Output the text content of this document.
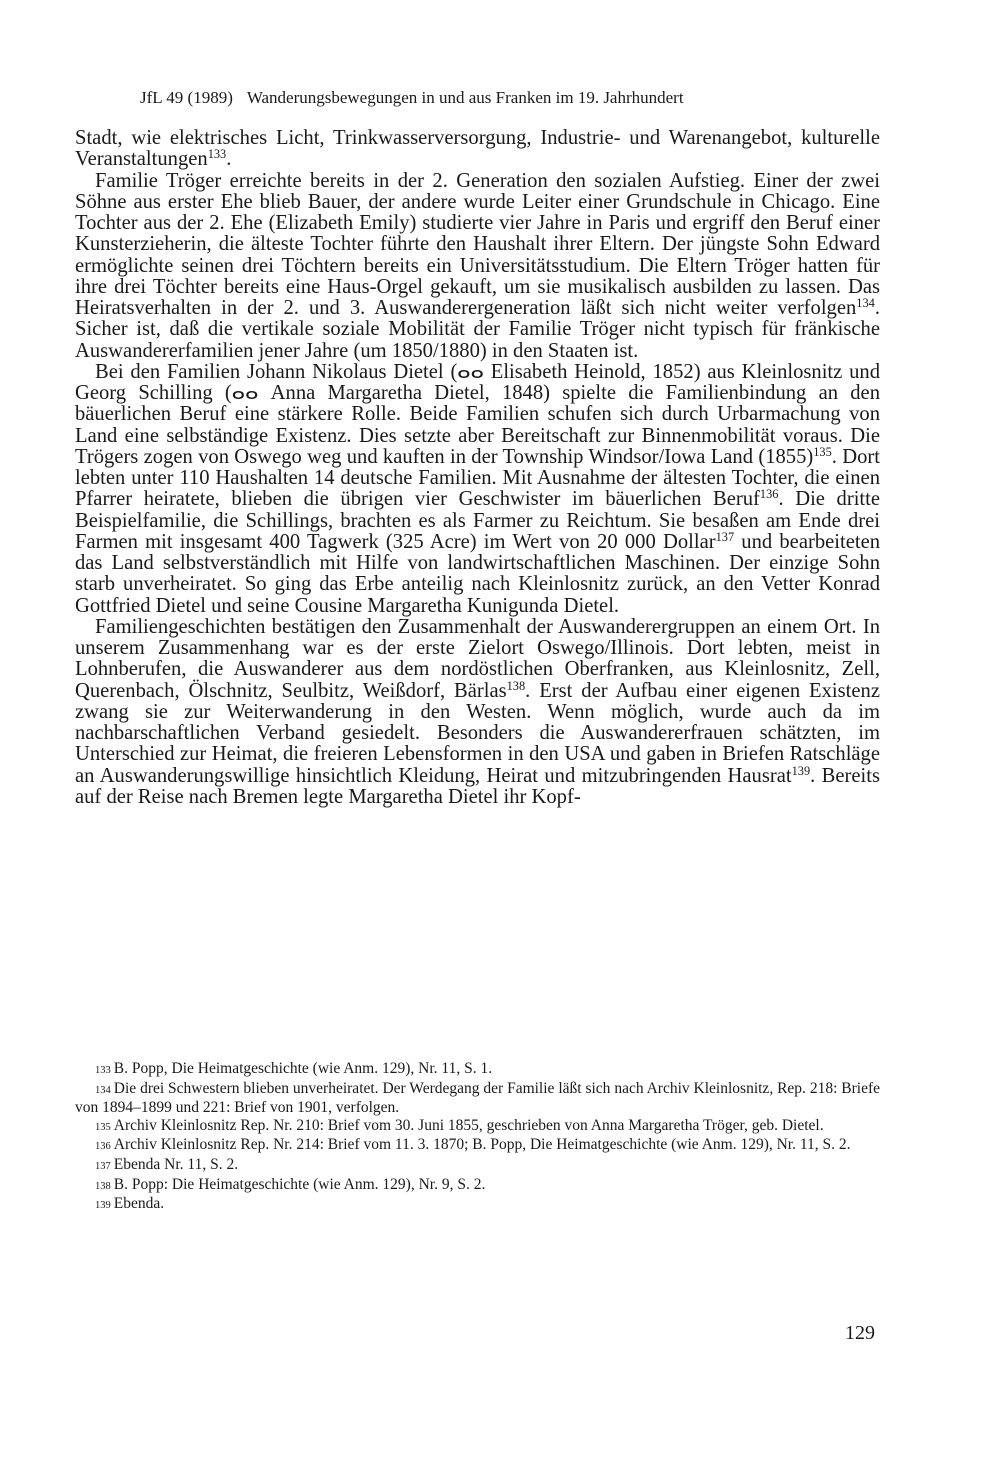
JfL 49 (1989) Wanderungsbewegungen in und aus Franken im 19. Jahrhundert

Stadt, wie elektrisches Licht, Trinkwasserversorgung, Industrie- und Warenangebot, kulturelle Veranstaltungen$^{133}$.

Familie Tröger erreichte bereits in der 2. Generation den sozialen Aufstieg. Einer der zwei Söhne aus erster Ehe blieb Bauer, der andere wurde Leiter einer Grundschule in Chicago. Eine Tochter aus der 2. Ehe (Elizabeth Emily) studierte vier Jahre in Paris und ergriff den Beruf einer Kunsterzieherin, die älteste Tochter führte den Haushalt ihrer Eltern. Der jüngste Sohn Edward ermöglichte seinen drei Töchtern bereits ein Universitätsstudium. Die Eltern Tröger hatten für ihre drei Töchter bereits eine Haus-Orgel gekauft, um sie musikalisch ausbilden zu lassen. Das Heiratsverhalten in der 2. und 3. Auswanderergeneration läßt sich nicht weiter verfolgen$^{134}$. Sicher ist, daß die vertikale soziale Mobilität der Familie Tröger nicht typisch für fränkische Auswandererfamilien jener Jahre (um 1850/1880) in den Staaten ist.

Bei den Familien Johann Nikolaus Dietel (ⴰⴰ Elisabeth Heinold, 1852) aus Kleinlosnitz und Georg Schilling (ⴰⴰ Anna Margaretha Dietel, 1848) spielte die Familienbindung an den bäuerlichen Beruf eine stärkere Rolle. Beide Familien schufen sich durch Urbarmachung von Land eine selbständige Existenz. Dies setzte aber Bereitschaft zur Binnenmobilität voraus. Die Trögers zogen von Oswego weg und kauften in der Township Windsor/Iowa Land $(1855)^{135}$. Dort lebten unter 110 Haushalten 14 deutsche Familien. Mit Ausnahme der ältesten Tochter, die einen Pfarrer heiratete, blieben die übrigen vier Geschwister im bäuerlichen Beruf$^{136}$. Die dritte Beispielfamilie, die Schillings, brachten es als Farmer zu Reichtum. Sie besaßen am Ende drei Farmen mit insgesamt 400 Tagwerk (325 Acre) im Wert von 20 000 Dollar$^{137}$ und bearbeiteten das Land selbstverständlich mit Hilfe von landwirtschaftlichen Maschinen. Der einzige Sohn starb unverheiratet. So ging das Erbe anteilig nach Kleinlosnitz zurück, an den Vetter Konrad Gottfried Dietel und seine Cousine Margaretha Kunigunda Dietel.

Familiengeschichten bestätigen den Zusammenhalt der Auswanderergruppen an einem Ort. In unserem Zusammenhang war es der erste Zielort Oswego/Illinois. Dort lebten, meist in Lohnberufen, die Auswanderer aus dem nordöstlichen Oberfranken, aus Kleinlosnitz, Zell, Querenbach, Ölschnitz, Seulbitz, Weißdorf, Bärlas$^{138}$. Erst der Aufbau einer eigenen Existenz zwang sie zur Weiterwanderung in den Westen. Wenn möglich, wurde auch da im nachbarschaftlichen Verband gesiedelt. Besonders die Auswandererfrauen schätzten, im Unterschied zur Heimat, die freieren Lebensformen in den USA und gaben in Briefen Ratschläge an Auswanderungswillige hinsichtlich Kleidung, Heirat und mitzubringenden Hausrat$^{139}$. Bereits auf der Reise nach Bremen legte Margaretha Dietel ihr Kopf-

133 B. Popp, Die Heimatgeschichte (wie Anm. 129), Nr. 11, S. 1.

134 Die drei Schwestern blieben unverheiratet. Der Werdegang der Familie läßt sich nach Archiv Kleinlosnitz, Rep. 218: Briefe von 1894–1899 und 221: Brief von 1901, verfolgen.

135 Archiv Kleinlosnitz Rep. Nr. 210: Brief vom 30. Juni 1855, geschrieben von Anna Margaretha Tröger, geb. Dietel.

136 Archiv Kleinlosnitz Rep. Nr. 214: Brief vom 11. 3. 1870; B. Popp, Die Heimatgeschichte (wie Anm. 129), Nr. 11, S. 2.

137 Ebenda Nr. 11, S. 2.

138 B. Popp: Die Heimatgeschichte (wie Anm. 129), Nr. 9, S. 2.

139 Ebenda.

129
